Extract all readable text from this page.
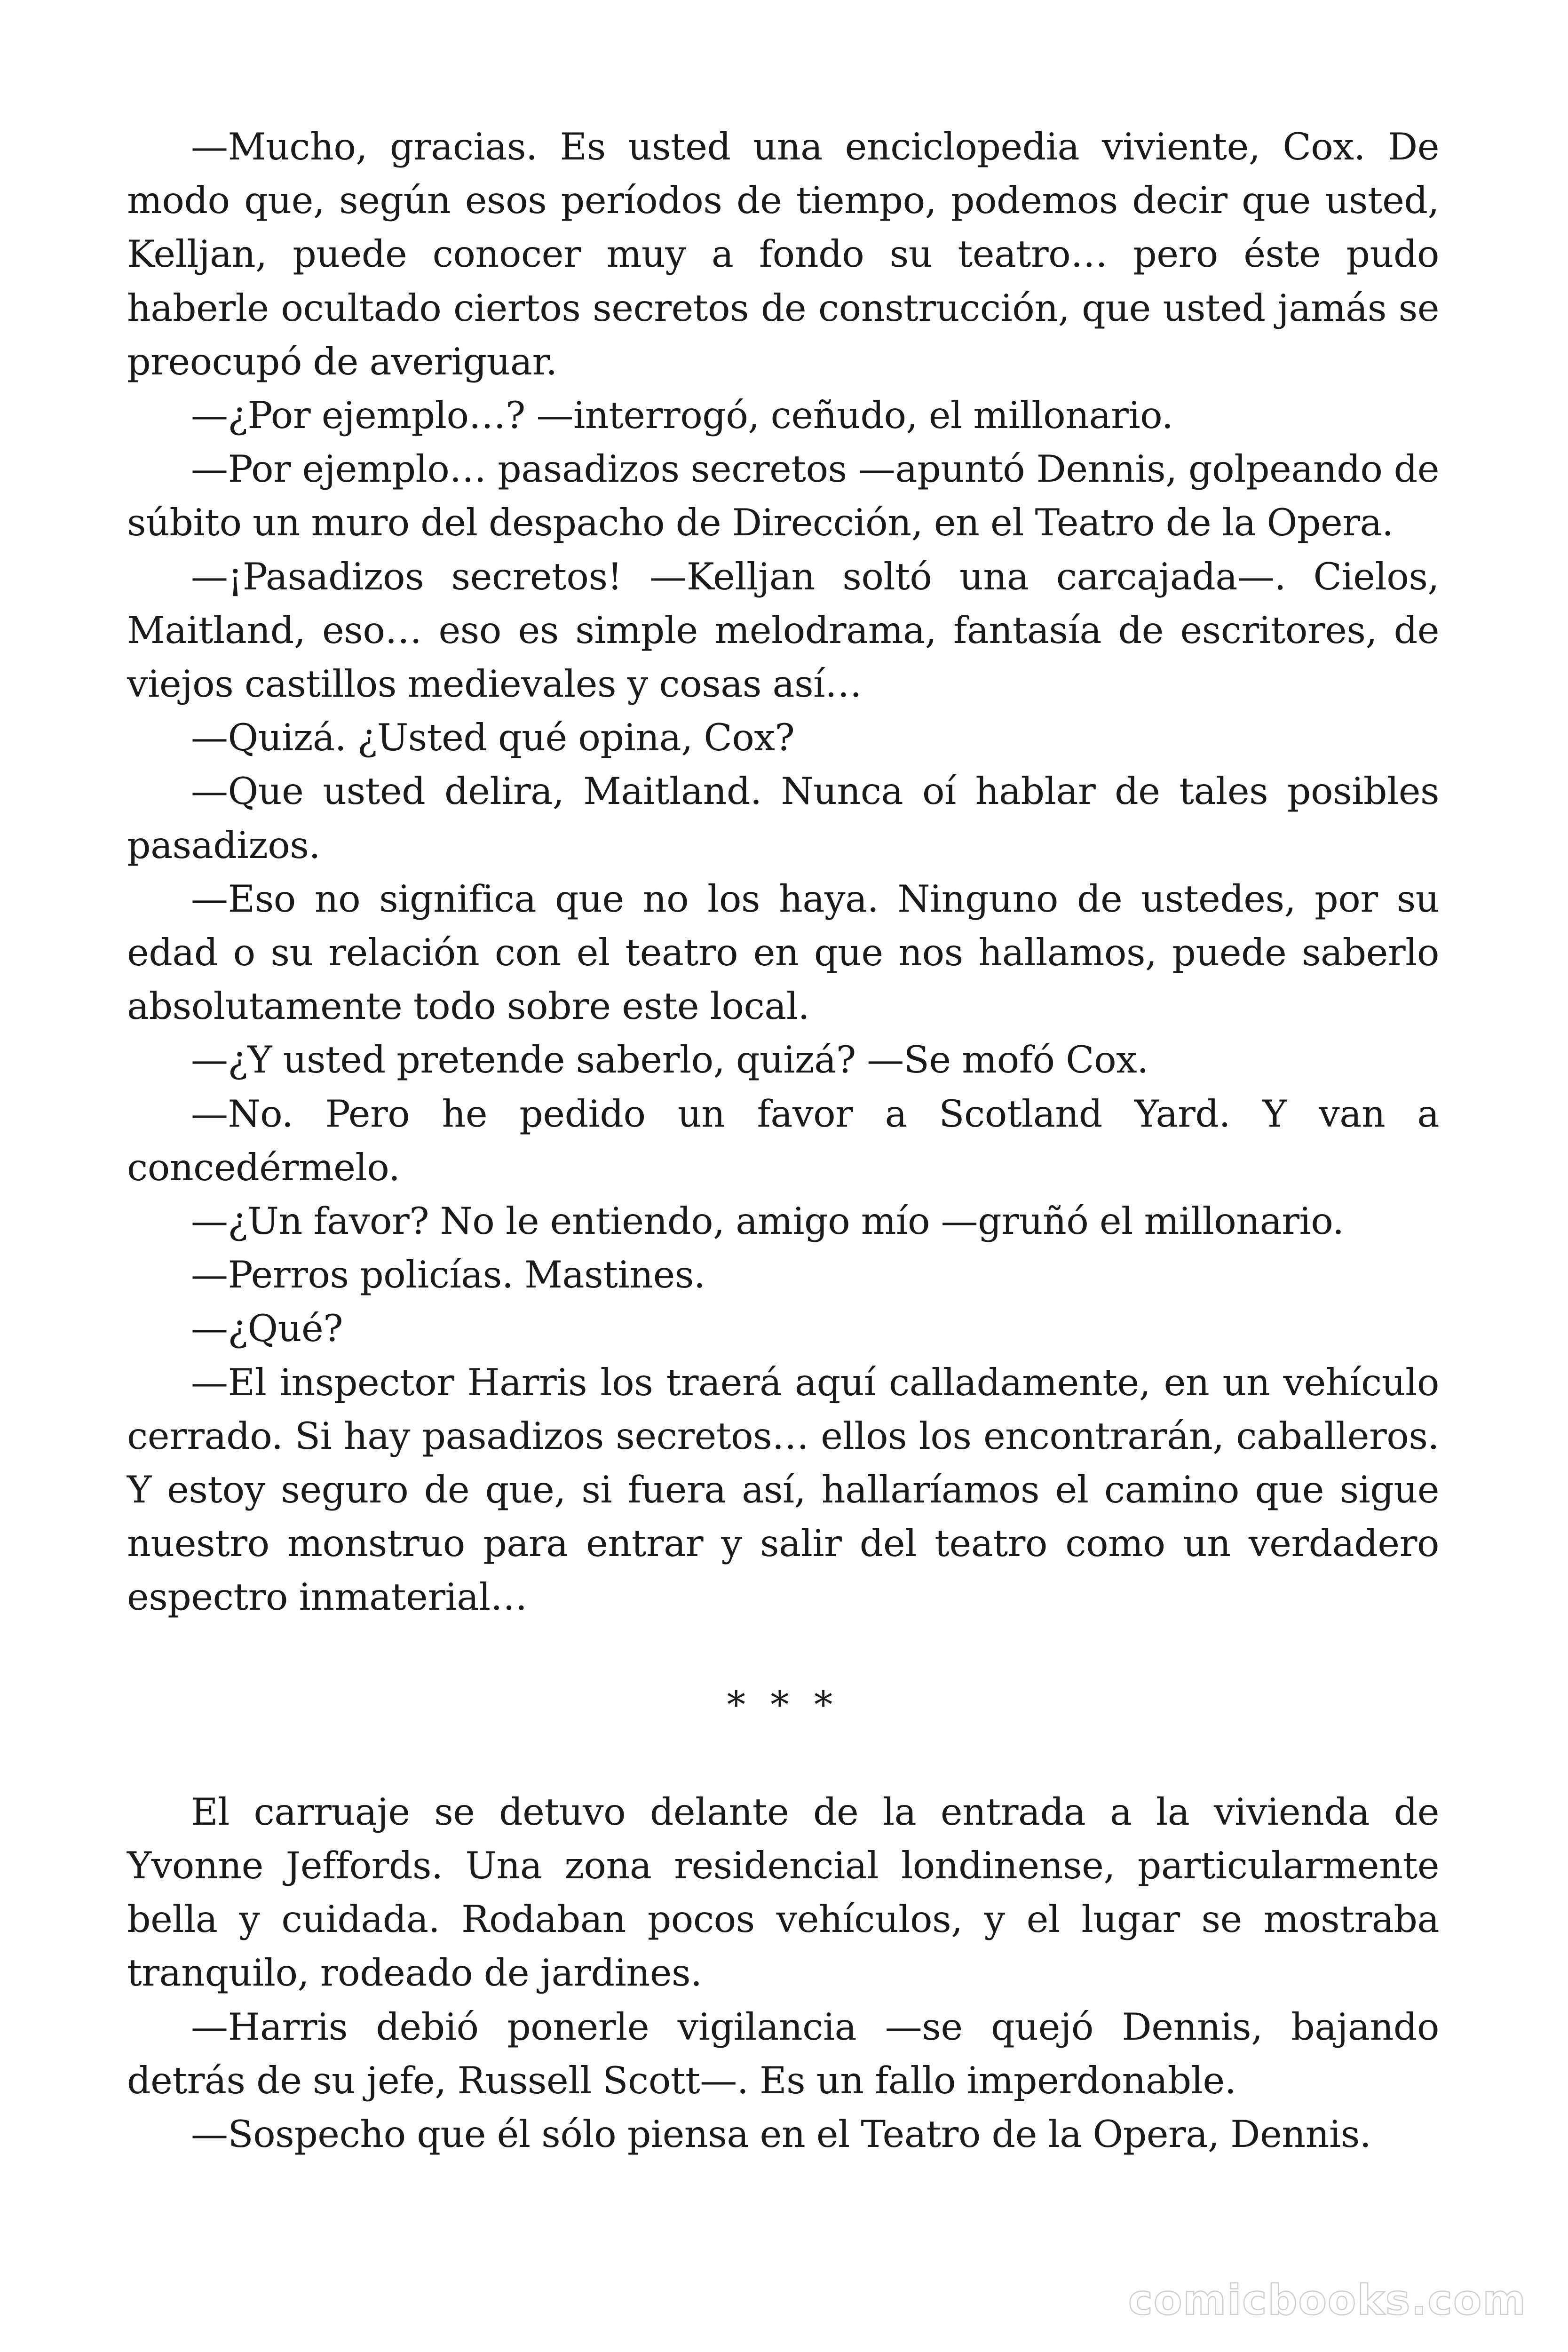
—Mucho, gracias. Es usted una enciclopedia viviente, Cox. De modo que, según esos períodos de tiempo, podemos decir que usted, Kelljan, puede conocer muy a fondo su teatro… pero éste pudo haberle ocultado ciertos secretos de construcción, que usted jamás se preocupó de averiguar.

—¿Por ejemplo…? —interrogó, ceñudo, el millonario.

—Por ejemplo… pasadizos secretos —apuntó Dennis, golpeando de súbito un muro del despacho de Dirección, en el Teatro de la Opera.

—¡Pasadizos secretos! —Kelljan soltó una carcajada—. Cielos, Maitland, eso… eso es simple melodrama, fantasía de escritores, de viejos castillos medievales y cosas así…

—Quizá. ¿Usted qué opina, Cox?

—Que usted delira, Maitland. Nunca oí hablar de tales posibles pasadizos.

—Eso no significa que no los haya. Ninguno de ustedes, por su edad o su relación con el teatro en que nos hallamos, puede saberlo absolutamente todo sobre este local.

—¿Y usted pretende saberlo, quizá? —Se mofó Cox.

—No. Pero he pedido un favor a Scotland Yard. Y van a concedérmelo.

—¿Un favor? No le entiendo, amigo mío —gruñó el millonario.

—Perros policías. Mastines.

—¿Qué?

—El inspector Harris los traerá aquí calladamente, en un vehículo cerrado. Si hay pasadizos secretos… ellos los encontrarán, caballeros. Y estoy seguro de que, si fuera así, hallaríamos el camino que sigue nuestro monstruo para entrar y salir del teatro como un verdadero espectro inmaterial…

* * *

El carruaje se detuvo delante de la entrada a la vivienda de Yvonne Jeffords. Una zona residencial londinense, particularmente bella y cuidada. Rodaban pocos vehículos, y el lugar se mostraba tranquilo, rodeado de jardines.

—Harris debió ponerle vigilancia —se quejó Dennis, bajando detrás de su jefe, Russell Scott—. Es un fallo imperdonable.

—Sospecho que él sólo piensa en el Teatro de la Opera, Dennis.

comicbooks.com
